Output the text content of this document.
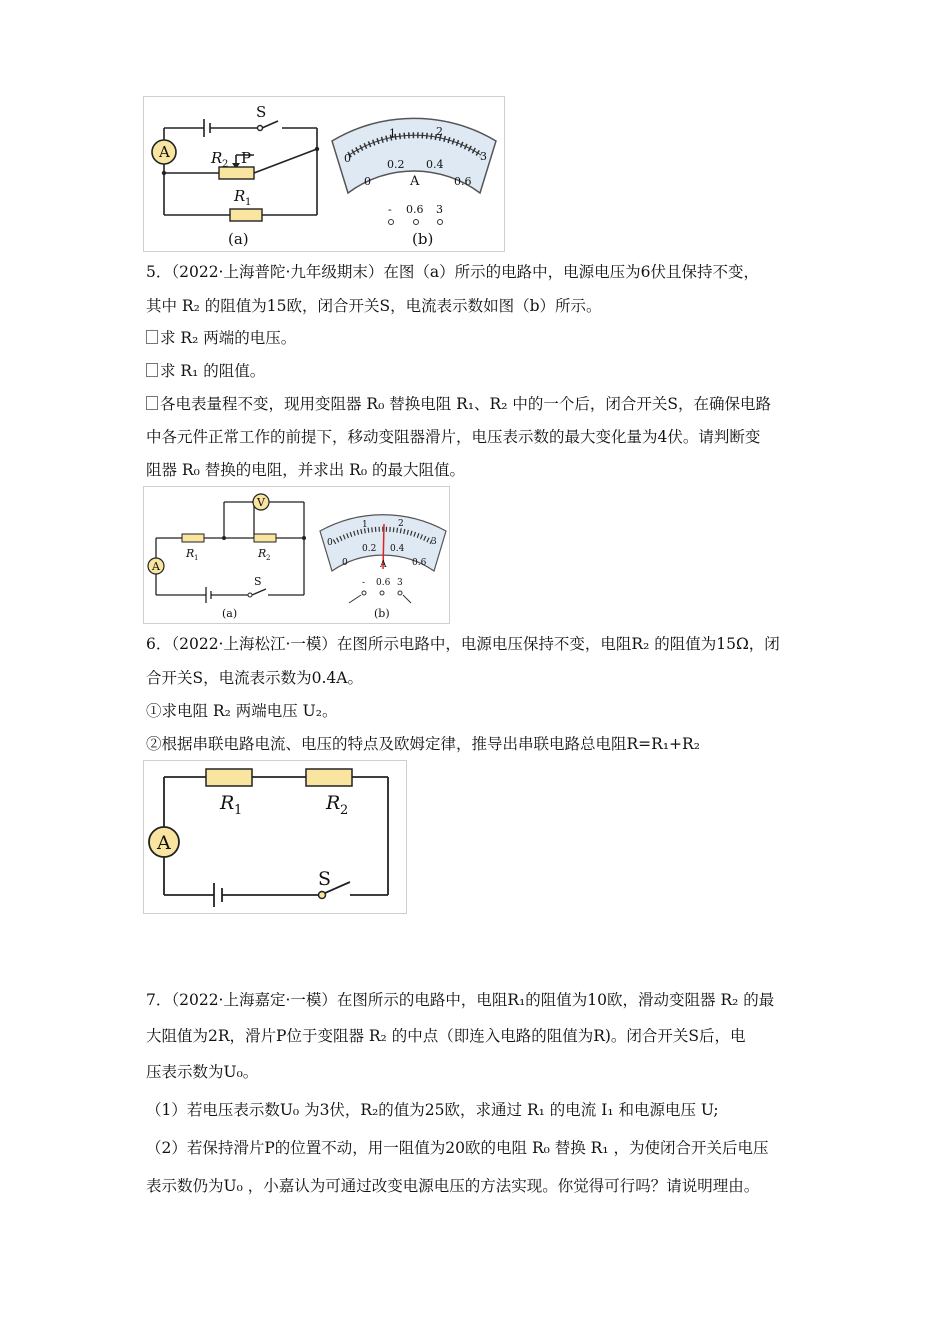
A
S
R 2 P
R 1
(a)	(b)
0
1	2
3
0
0.2 0.4
0.6
A
- 0.6 3
5．（2022·上海普陀·九年级期末）在图（a）所示的电路中，电源电压为6伏且保持不变，
其中 R₂ 的阻值为15欧，闭合开关S，电流表示数如图（b）所示。
求 R₂ 两端的电压。
求 R₁ 的阻值。
各电表量程不变，现用变阻器 R₀ 替换电阻 R₁、R₂ 中的一个后，闭合开关S，在确保电路
中各元件正常工作的前提下，移动变阻器滑片，电压表示数的最大变化量为4伏。请判断变
阻器 R₀ 替换的电阻，并求出 R₀ 的最大阻值。
A
V
R 1	R 2
S
(a)	(b)
0
1	2
3
0
0.2 0.4
0.6
A
- 0.6 3
6．（2022·上海松江·一模）在图所示电路中，电源电压保持不变，电阻R₂ 的阻值为15Ω，闭
合开关S，电流表示数为0.4A。
①求电阻 R₂ 两端电压 U₂。
②根据串联电路电流、电压的特点及欧姆定律，推导出串联电路总电阻R=R₁+R₂
A
S
R 1	R 2
7．（2022·上海嘉定·一模）在图所示的电路中，电阻R₁的阻值为10欧，滑动变阻器 R₂ 的最
大阻值为2R，滑片P位于变阻器 R₂ 的中点（即连入电路的阻值为R)。闭合开关S后，电
压表示数为U₀。
（1）若电压表示数U₀ 为3伏，R₂的值为25欧，求通过 R₁ 的电流 I₁ 和电源电压 U;
（2）若保持滑片P的位置不动，用一阻值为20欧的电阻 R₀ 替换 R₁ ，为使闭合开关后电压
表示数仍为U₀ ，小嘉认为可通过改变电源电压的方法实现。你觉得可行吗？请说明理由。
